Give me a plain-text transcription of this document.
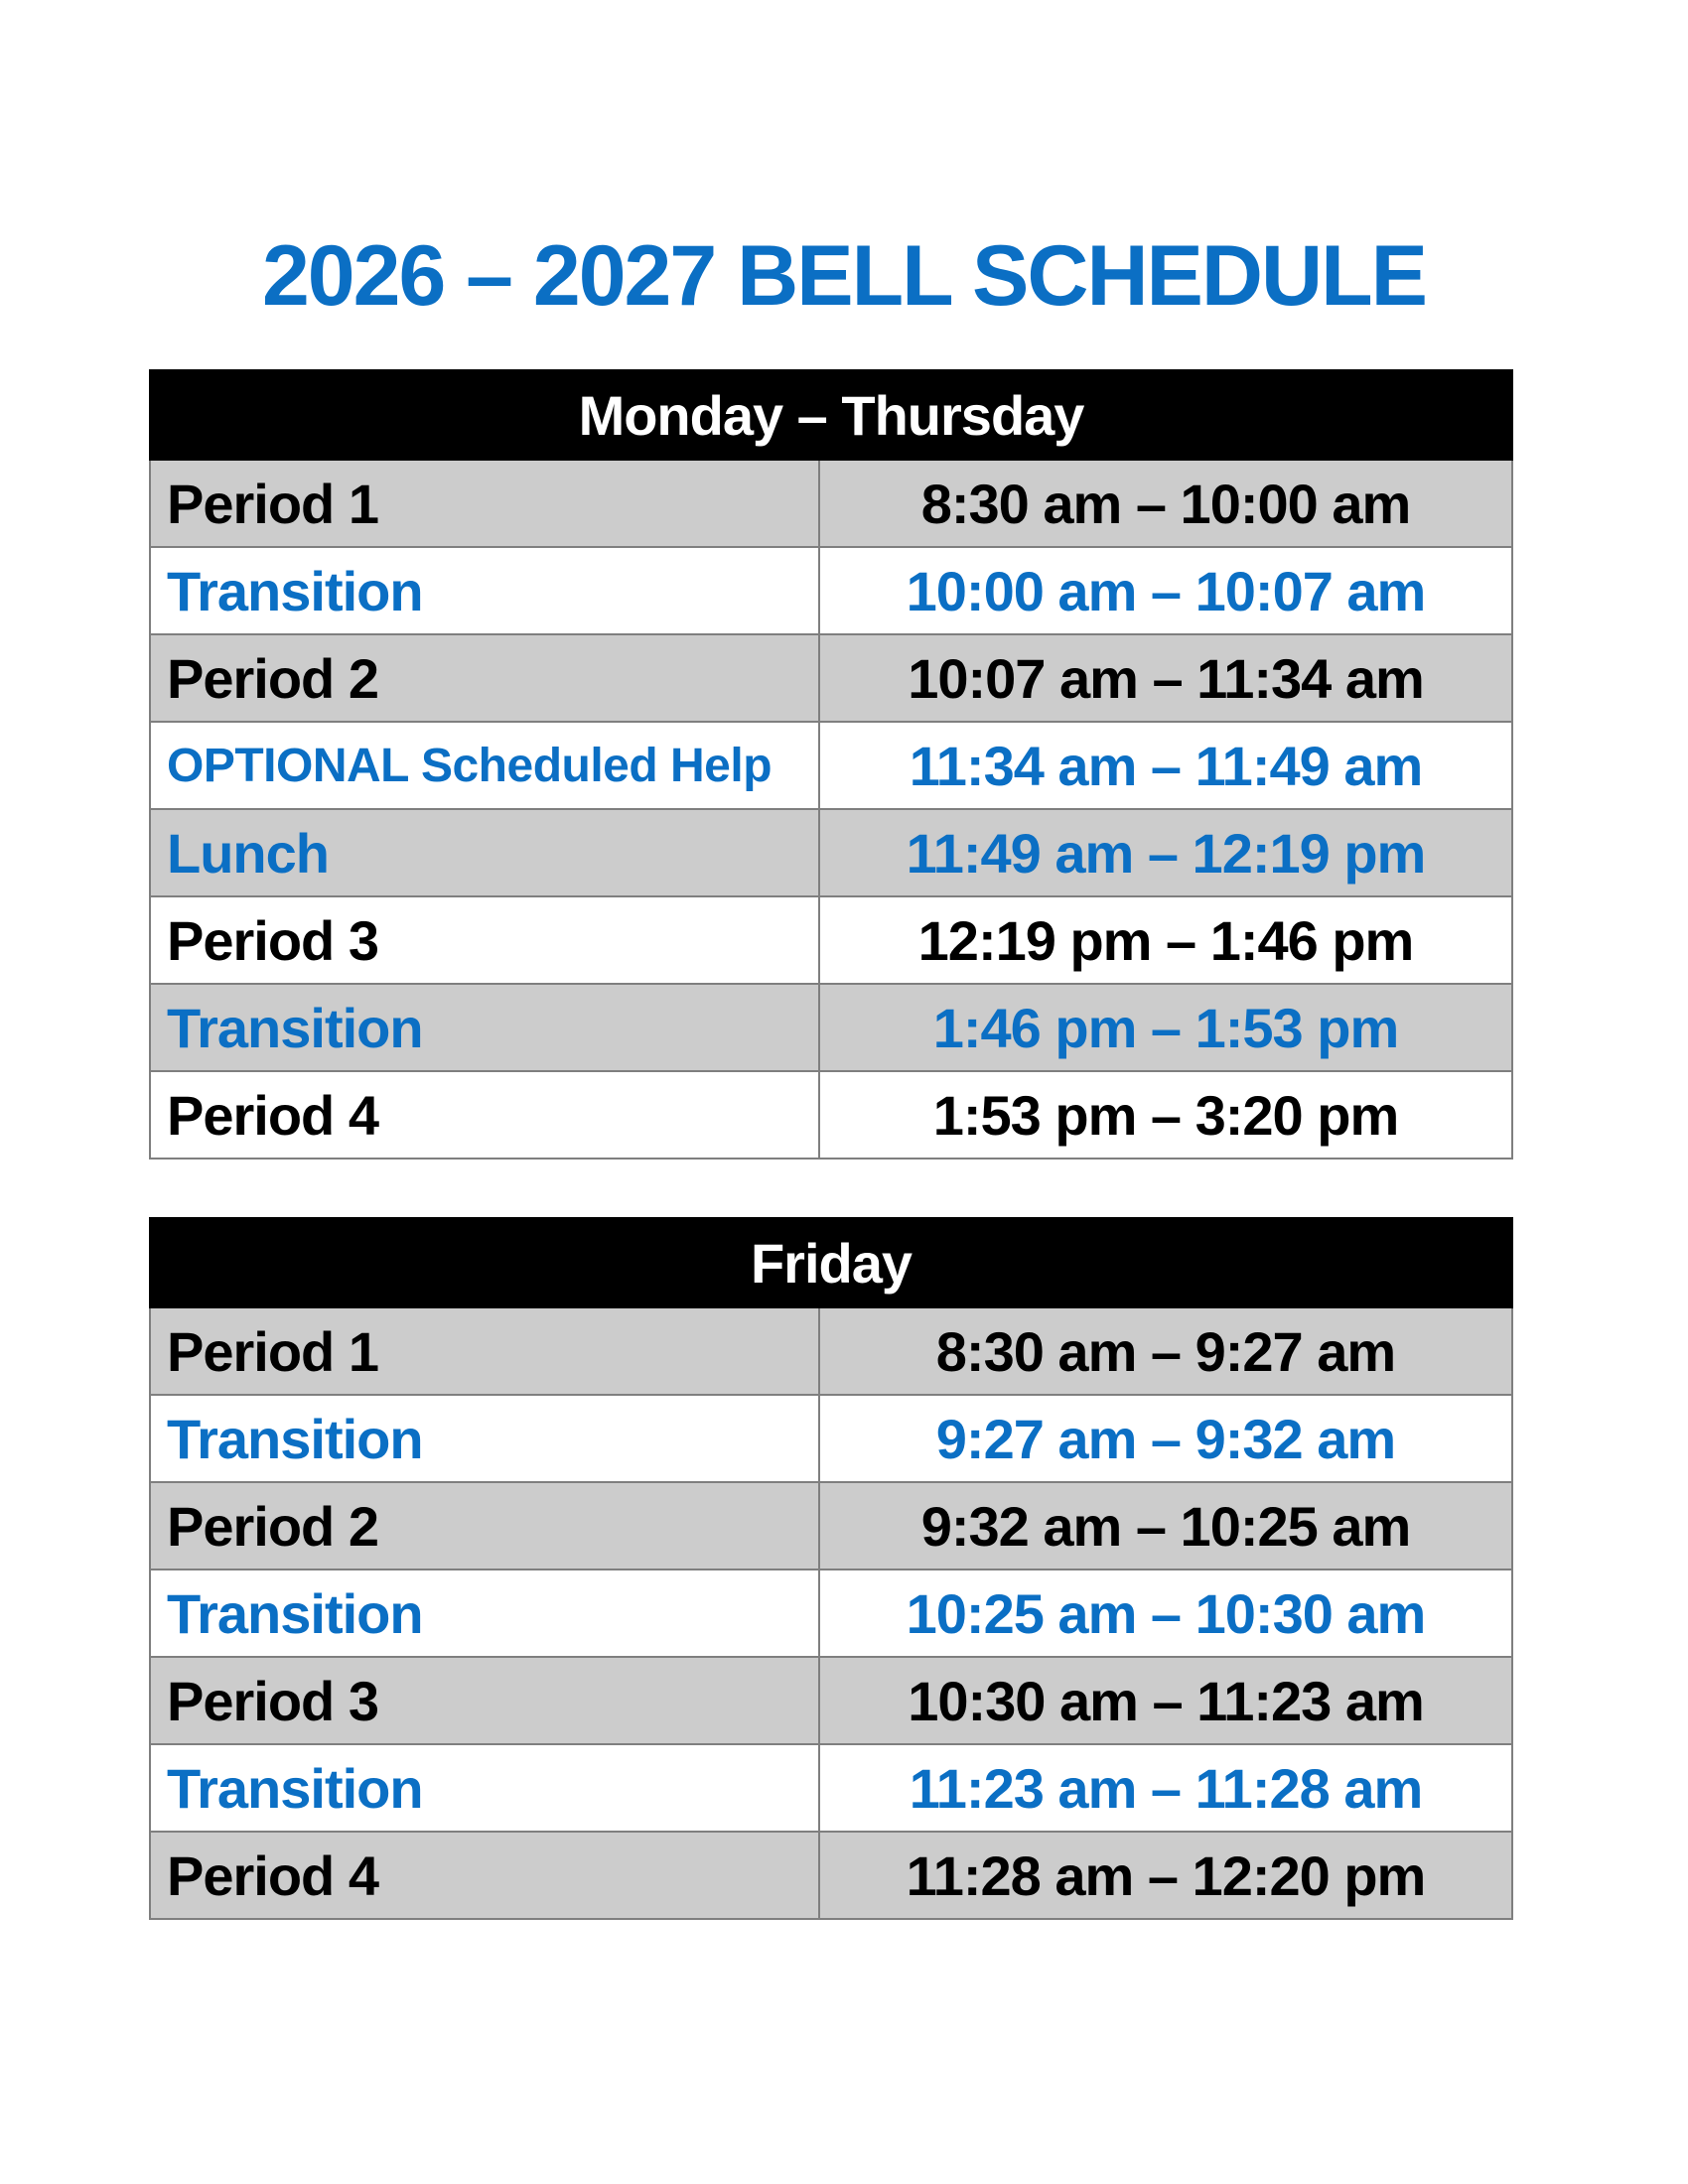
2026 – 2027 BELL SCHEDULE
Monday – Thursday	
Period 1	8:30 am – 10:00 am
Transition	10:00 am – 10:07 am
Period 2	10:07 am – 11:34 am
OPTIONAL Scheduled Help	11:34 am – 11:49 am
Lunch	11:49 am – 12:19 pm
Period 3	12:19 pm – 1:46 pm
Transition	1:46 pm – 1:53 pm
Period 4	1:53 pm – 3:20 pm
Friday	
Period 1	8:30 am – 9:27 am
Transition	9:27 am – 9:32 am
Period 2	9:32 am – 10:25 am
Transition	10:25 am – 10:30 am
Period 3	10:30 am – 11:23 am
Transition	11:23 am – 11:28 am
Period 4	11:28 am – 12:20 pm
